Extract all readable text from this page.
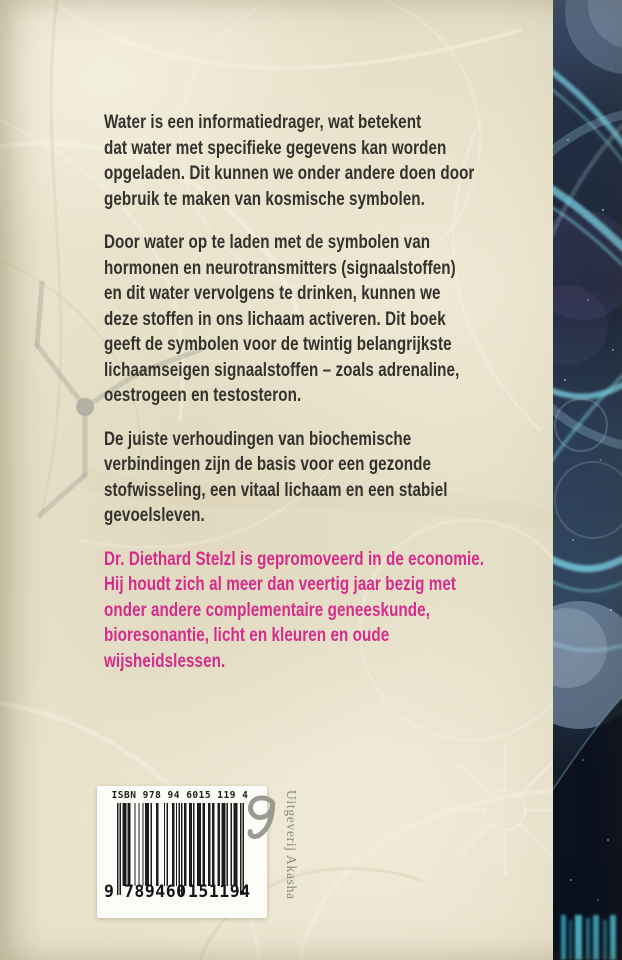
Water is een informatiedrager, wat betekent
dat water met specifieke gegevens kan worden
opgeladen. Dit kunnen we onder andere doen door
gebruik te maken van kosmische symbolen.

Door water op te laden met de symbolen van
hormonen en neurotransmitters (signaalstoffen)
en dit water vervolgens te drinken, kunnen we
deze stoffen in ons lichaam activeren. Dit boek
geeft de symbolen voor de twintig belangrijkste
lichaamseigen signaalstoffen – zoals adrenaline,
oestrogeen en testosteron.

De juiste verhoudingen van biochemische
verbindingen zijn de basis voor een gezonde
stofwisseling, een vitaal lichaam en een stabiel
gevoelsleven.

Dr. Diethard Stelzl is gepromoveerd in de economie.
Hij houdt zich al meer dan veertig jaar bezig met
onder andere complementaire geneeskunde,
bioresonantie, licht en kleuren en oude
wijsheidslessen.

ISBN 978 94 6015 119 4
9 789460 151194 Uitgeverij Akasha
